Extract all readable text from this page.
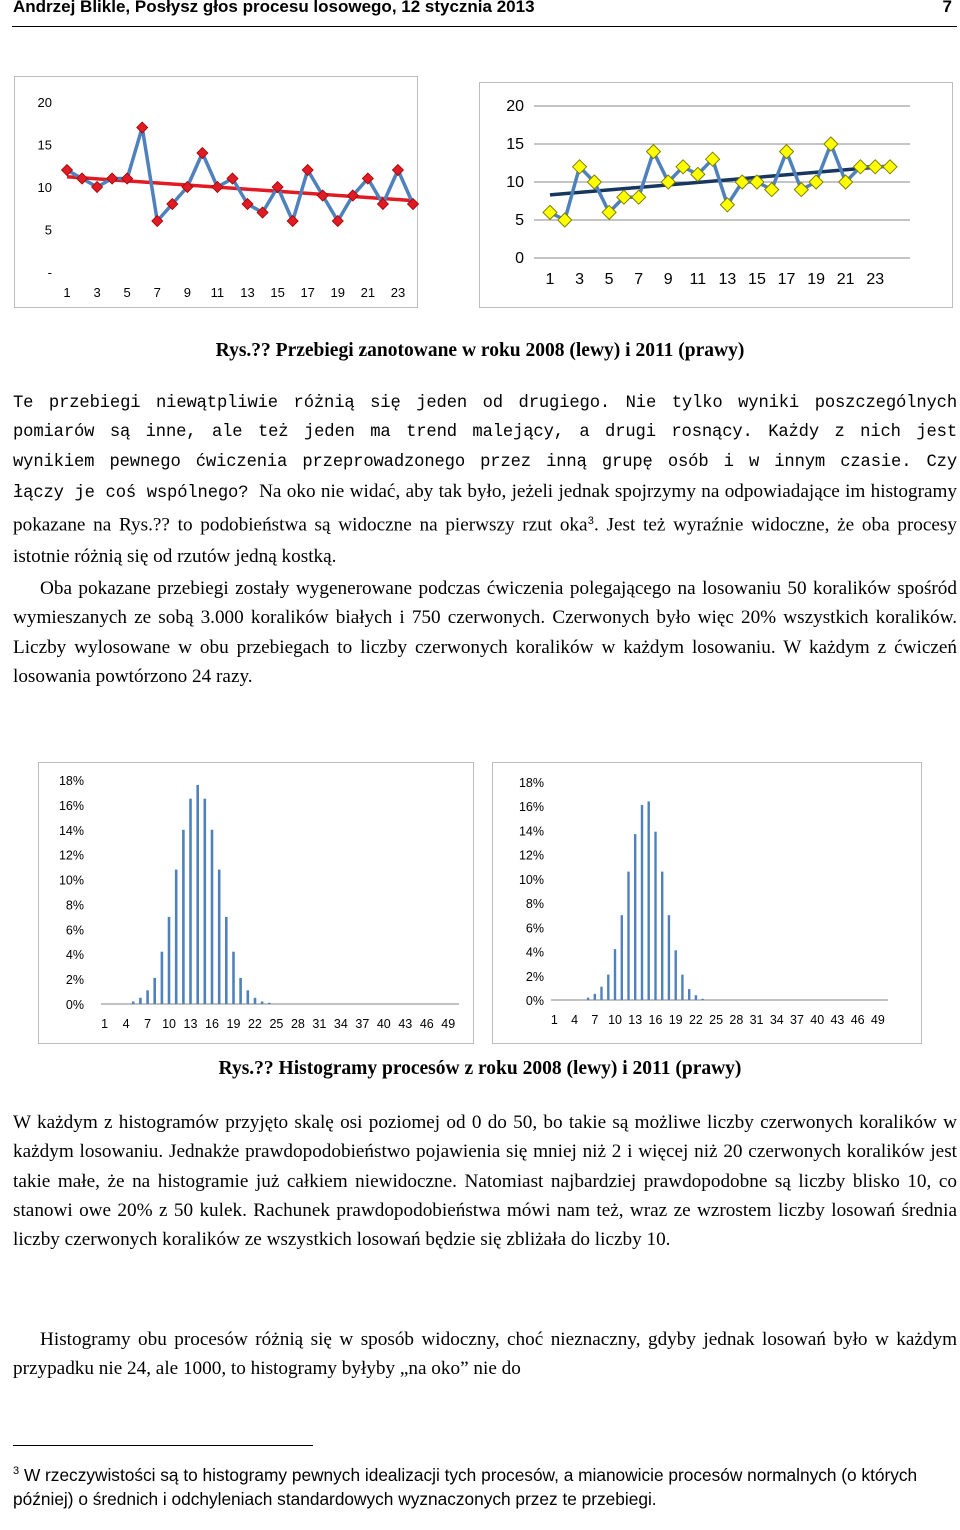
Andrzej Blikle, Posłysz głos procesu losowego, 12 stycznia 2013	7
20
15
10
5
-
1 3 5 7 9 11 13 15 17 19 21 23
20
15
10
5
0
1 3 5 7 9 11 13 15 17 19 21 23
Rys.?? Przebiegi zanotowane w roku 2008 (lewy) i 2011 (prawy)

Te przebiegi niewątpliwie różnią się jeden od drugiego. Nie tylko wyniki poszczególnych pomiarów są inne, ale też jeden ma trend malejący, a drugi rosnący. Każdy z nich jest wynikiem pewnego ćwiczenia przeprowadzonego przez inną grupę osób i w innym czasie. Czy łączy je coś wspólnego? Na oko nie widać, aby tak było, jeżeli jednak spojrzymy na odpowiadające im histogramy pokazane na Rys.?? to podobieństwa są widoczne na pierwszy rzut oka$^3$. Jest też wyraźnie widoczne, że oba procesy istotnie różnią się od rzutów jedną kostką.

Oba pokazane przebiegi zostały wygenerowane podczas ćwiczenia polegającego na losowaniu 50 koralików spośród wymieszanych ze sobą 3.000 koralików białych i 750 czerwonych. Czerwonych było więc 20% wszystkich koralików. Liczby wylosowane w obu przebiegach to liczby czerwonych koralików w każdym losowaniu. W każdym z ćwiczeń losowania powtórzono 24 razy.

18%
16%
14%
12%
10%
8%
6%
4%
2%
0%
1 4 7 10 13 16 19 22 25 28 31 34 37 40 43 46 49
18%
16%
14%
12%
10%
8%
6%
4%
2%
0%
1 4 7 10 13 16 19 22 25 28 31 34 37 40 43 46 49
Rys.?? Histogramy procesów z roku 2008 (lewy) i 2011 (prawy)

W każdym z histogramów przyjęto skalę osi poziomej od 0 do 50, bo takie są możliwe liczby czerwonych koralików w każdym losowaniu. Jednakże prawdopodobieństwo pojawienia się mniej niż 2 i więcej niż 20 czerwonych koralików jest takie małe, że na histogramie już całkiem niewidoczne. Natomiast najbardziej prawdopodobne są liczby blisko 10, co stanowi owe 20% z 50 kulek. Rachunek prawdopodobieństwa mówi nam też, wraz ze wzrostem liczby losowań średnia liczby czerwonych koralików ze wszystkich losowań będzie się zbliżała do liczby 10.

Histogramy obu procesów różnią się w sposób widoczny, choć nieznaczny, gdyby jednak losowań było w każdym przypadku nie 24, ale 1000, to histogramy byłyby „na oko” nie do

$^3$ W rzeczywistości są to histogramy pewnych idealizacji tych procesów, a mianowicie procesów normalnych (o których później) o średnich i odchyleniach standardowych wyznaczonych przez te przebiegi.
